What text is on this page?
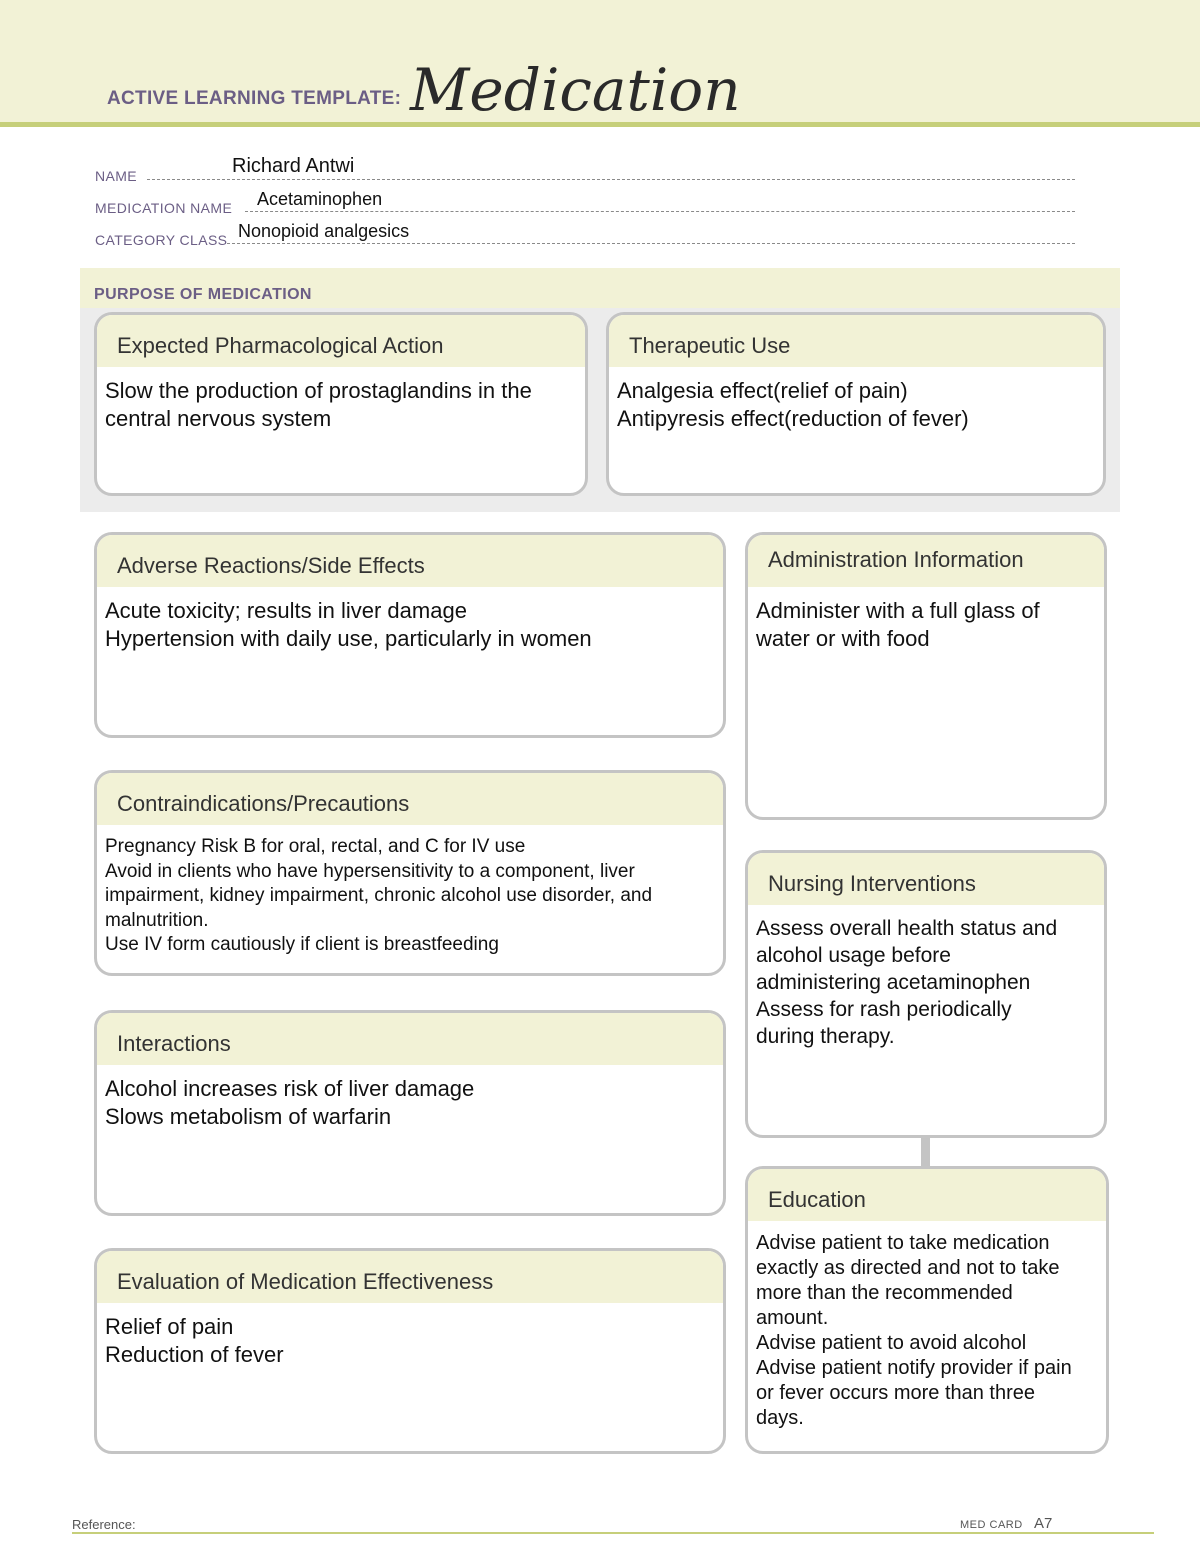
ACTIVE LEARNING TEMPLATE: Medication
NAME	Richard Antwi
MEDICATION NAME Acetaminophen
CATEGORY CLASS Nonopioid analgesics
PURPOSE OF MEDICATION
Expected Pharmacological Action
Slow the production of prostaglandins in the
central nervous system
Therapeutic Use
Analgesia effect(relief of pain)
Antipyresis effect(reduction of fever)
Adverse Reactions/Side Effects
Acute toxicity; results in liver damage
Hypertension with daily use, particularly in women
Administration Information
Administer with a full glass of
water or with food
Contraindications/Precautions
Pregnancy Risk B for oral, rectal, and C for IV use
Avoid in clients who have hypersensitivity to a component, liver
impairment, kidney impairment, chronic alcohol use disorder, and
malnutrition.
Use IV form cautiously if client is breastfeeding
Nursing Interventions
Assess overall health status and
alcohol usage before
administering acetaminophen
Assess for rash periodically
during therapy.
Interactions
Alcohol increases risk of liver damage
Slows metabolism of warfarin
Education
Advise patient to take medication
exactly as directed and not to take
more than the recommended
amount.
Advise patient to avoid alcohol
Advise patient notify provider if pain
or fever occurs more than three
days.
Evaluation of Medication Effectiveness
Relief of pain
Reduction of fever
Reference:	MED CARD A7
